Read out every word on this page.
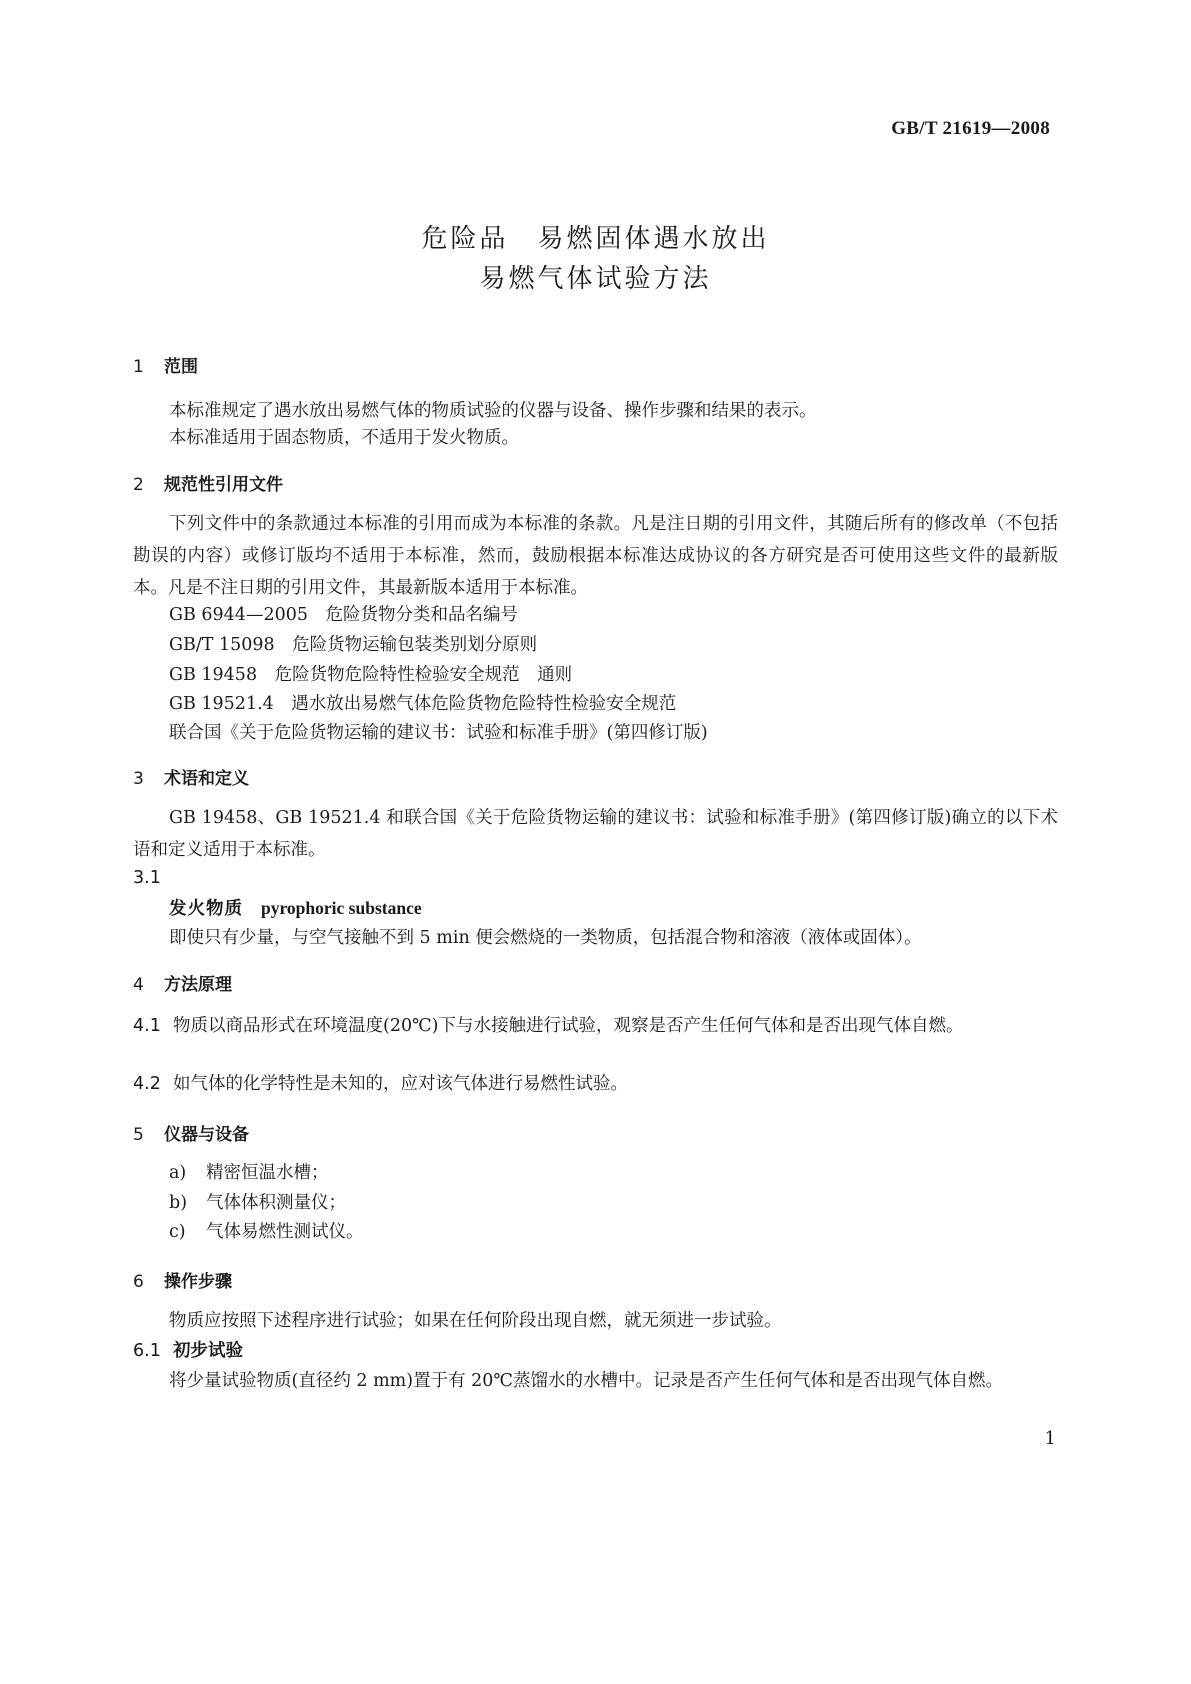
GB/T 21619—2008
危险品　易燃固体遇水放出
易燃气体试验方法
1 范围
本标准规定了遇水放出易燃气体的物质试验的仪器与设备、操作步骤和结果的表示。
本标准适用于固态物质，不适用于发火物质。
2 规范性引用文件
下列文件中的条款通过本标准的引用而成为本标准的条款。凡是注日期的引用文件，其随后所有的修改单（不包括勘误的内容）或修订版均不适用于本标准，然而，鼓励根据本标准达成协议的各方研究是否可使用这些文件的最新版本。凡是不注日期的引用文件，其最新版本适用于本标准。
GB 6944—2005　危险货物分类和品名编号
GB/T 15098　危险货物运输包装类别划分原则
GB 19458　危险货物危险特性检验安全规范　通则
GB 19521.4　遇水放出易燃气体危险货物危险特性检验安全规范
联合国《关于危险货物运输的建议书：试验和标准手册》(第四修订版)
3 术语和定义
GB 19458、GB 19521.4 和联合国《关于危险货物运输的建议书：试验和标准手册》(第四修订版)确立的以下术语和定义适用于本标准。
3.1
发火物质 pyrophoric substance
即使只有少量，与空气接触不到 5 min 便会燃烧的一类物质，包括混合物和溶液（液体或固体）。
4 方法原理
4.1 物质以商品形式在环境温度(20℃)下与水接触进行试验，观察是否产生任何气体和是否出现气体自燃。
4.2 如气体的化学特性是未知的，应对该气体进行易燃性试验。
5 仪器与设备
a) 精密恒温水槽；
b) 气体体积测量仪；
c) 气体易燃性测试仪。
6 操作步骤
物质应按照下述程序进行试验；如果在任何阶段出现自燃，就无须进一步试验。
6.1 初步试验
将少量试验物质(直径约 2 mm)置于有 20℃蒸馏水的水槽中。记录是否产生任何气体和是否出现气体自燃。
1
